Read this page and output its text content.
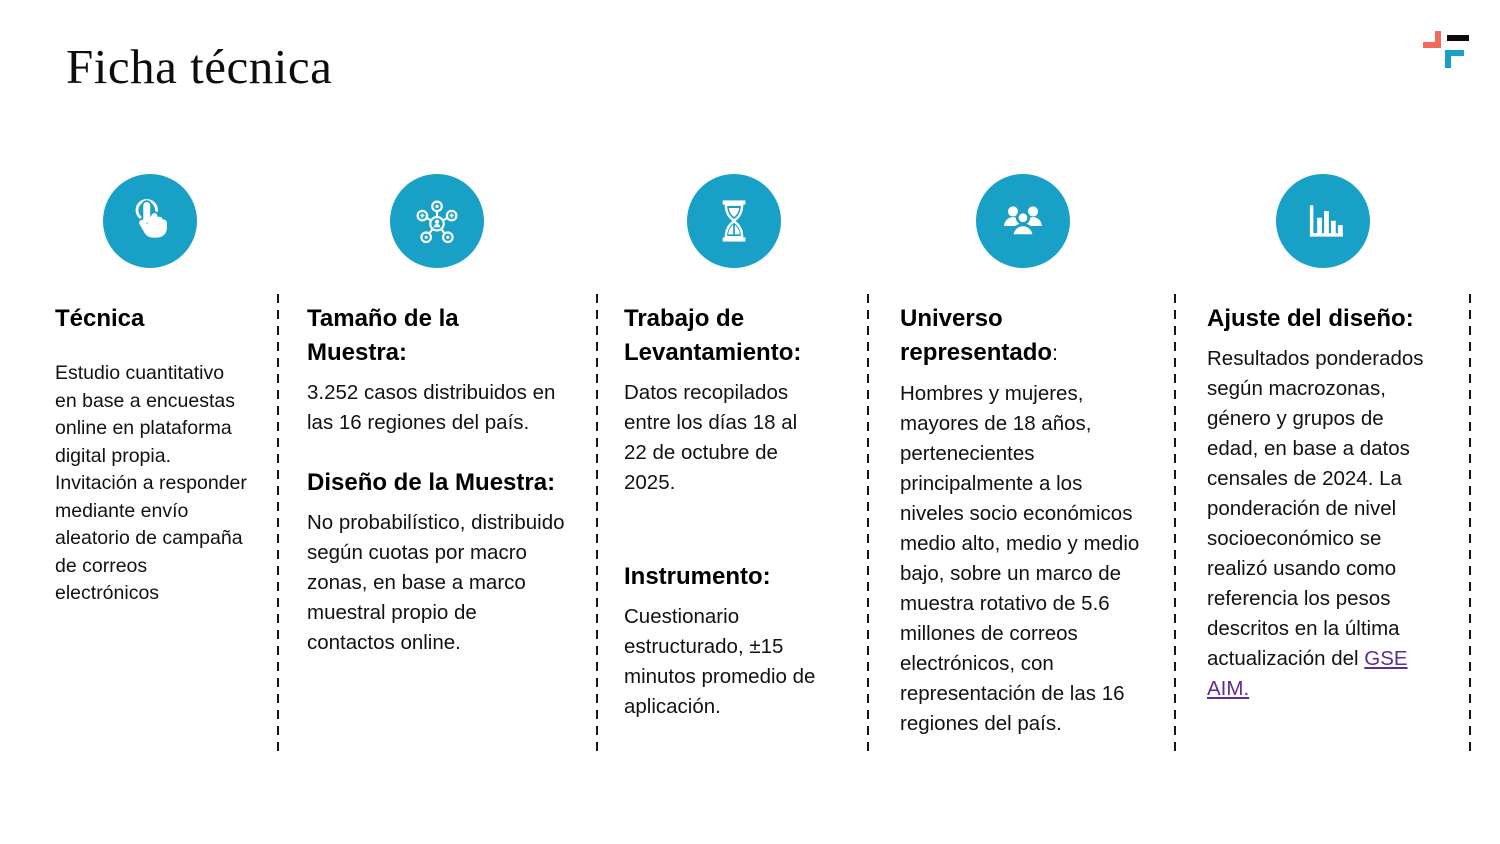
Ficha técnica
Técnica

Estudio cuantitativo en base a encuestas online en plataforma digital propia. Invitación a responder mediante envío aleatorio de campaña de correos electrónicos

Tamaño de la Muestra:

3.252 casos distribuidos en las 16 regiones del país.

Diseño de la Muestra:

No probabilístico, distribuido según cuotas por macro zonas, en base a marco muestral propio de contactos online.

Trabajo de Levantamiento:

Datos recopilados entre los días 18 al 22 de octubre de 2025.

Instrumento:

Cuestionario estructurado, ±15 minutos promedio de aplicación.

Universo representado:

Hombres y mujeres, mayores de 18 años, pertenecientes principalmente a los niveles socio económicos medio alto, medio y medio bajo, sobre un marco de muestra rotativo de 5.6 millones de correos electrónicos, con representación de las 16 regiones del país.

Ajuste del diseño:

Resultados ponderados según macrozonas, género y grupos de edad, en base a datos censales de 2024. La ponderación de nivel socioeconómico se realizó usando como referencia los pesos descritos en la última actualización del GSE AIM.
